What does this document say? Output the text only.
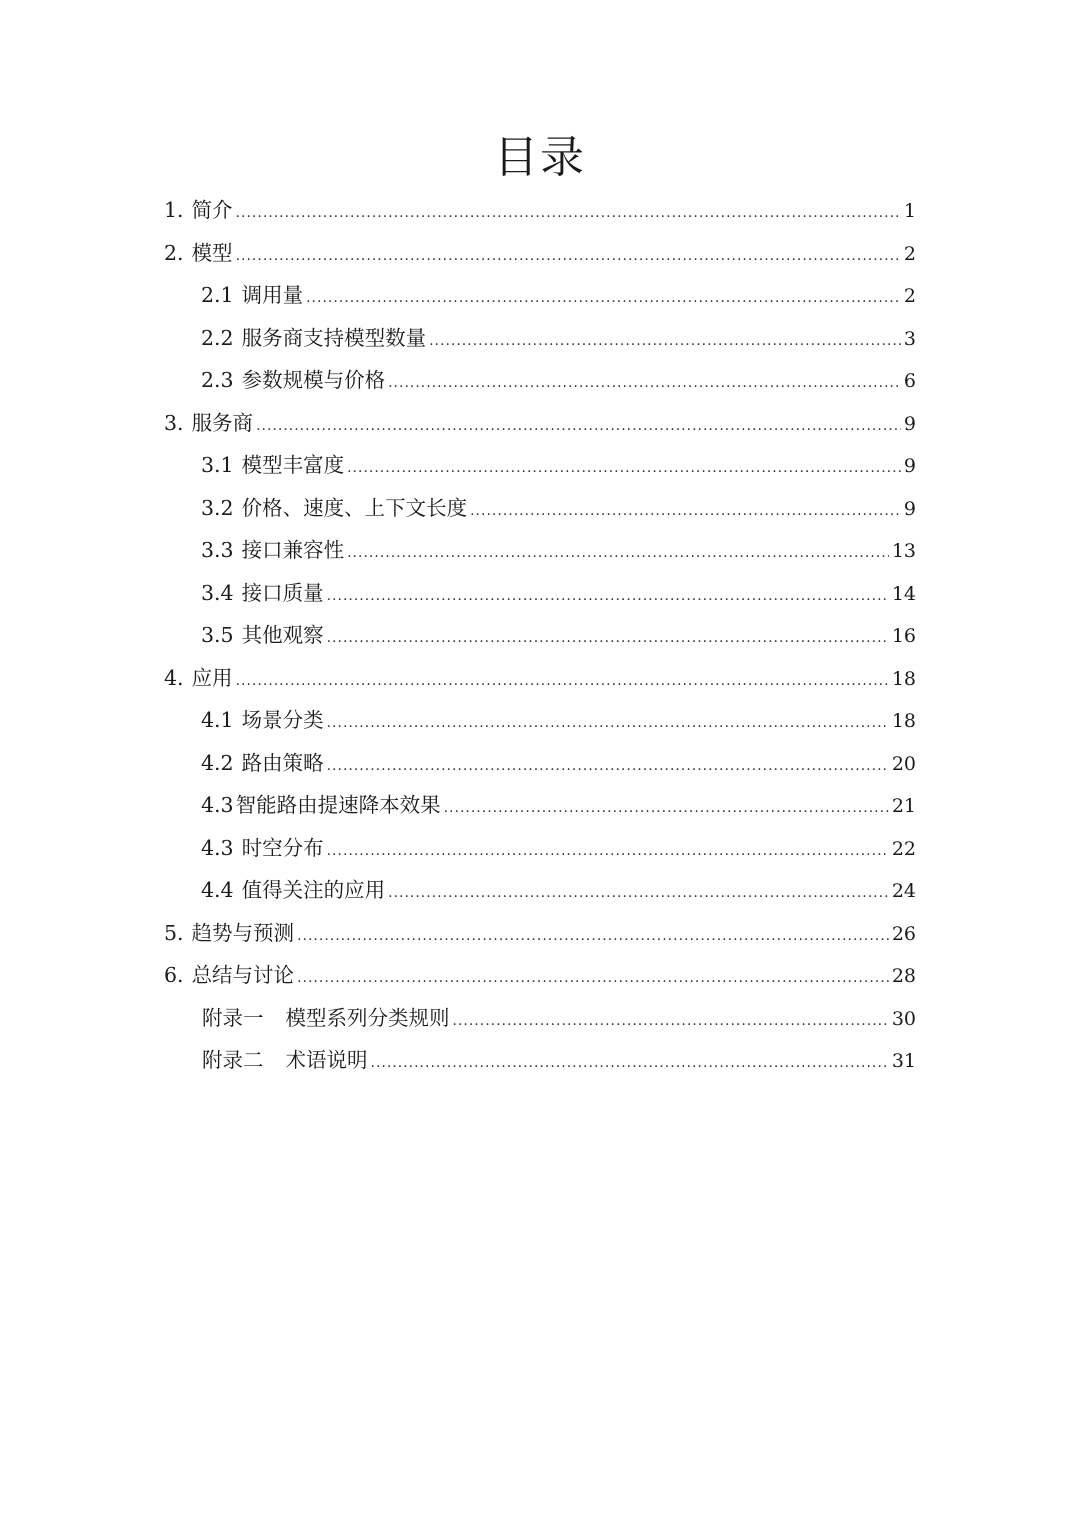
目录
1. 简介 .....	1
2. 模型 .....	2
2.1 调用量 .....	2
2.2 服务商支持模型数量 .....	3
2.3 参数规模与价格 .....	6
3. 服务商 .....	9
3.1 模型丰富度 .....	9
3.2 价格、速度、上下文长度 .....	9
3.3 接口兼容性 .....	13
3.4 接口质量 .....	14
3.5 其他观察 .....	16
4. 应用 .....	18
4.1 场景分类 .....	18
4.2 路由策略 .....	20
4.3智能路由提速降本效果 .....	21
4.3 时空分布 .....	22
4.4 值得关注的应用 .....	24
5. 趋势与预测 .....	26
6. 总结与讨论 .....	28
附录一 模型系列分类规则 .....	30
附录二 术语说明 .....	31
